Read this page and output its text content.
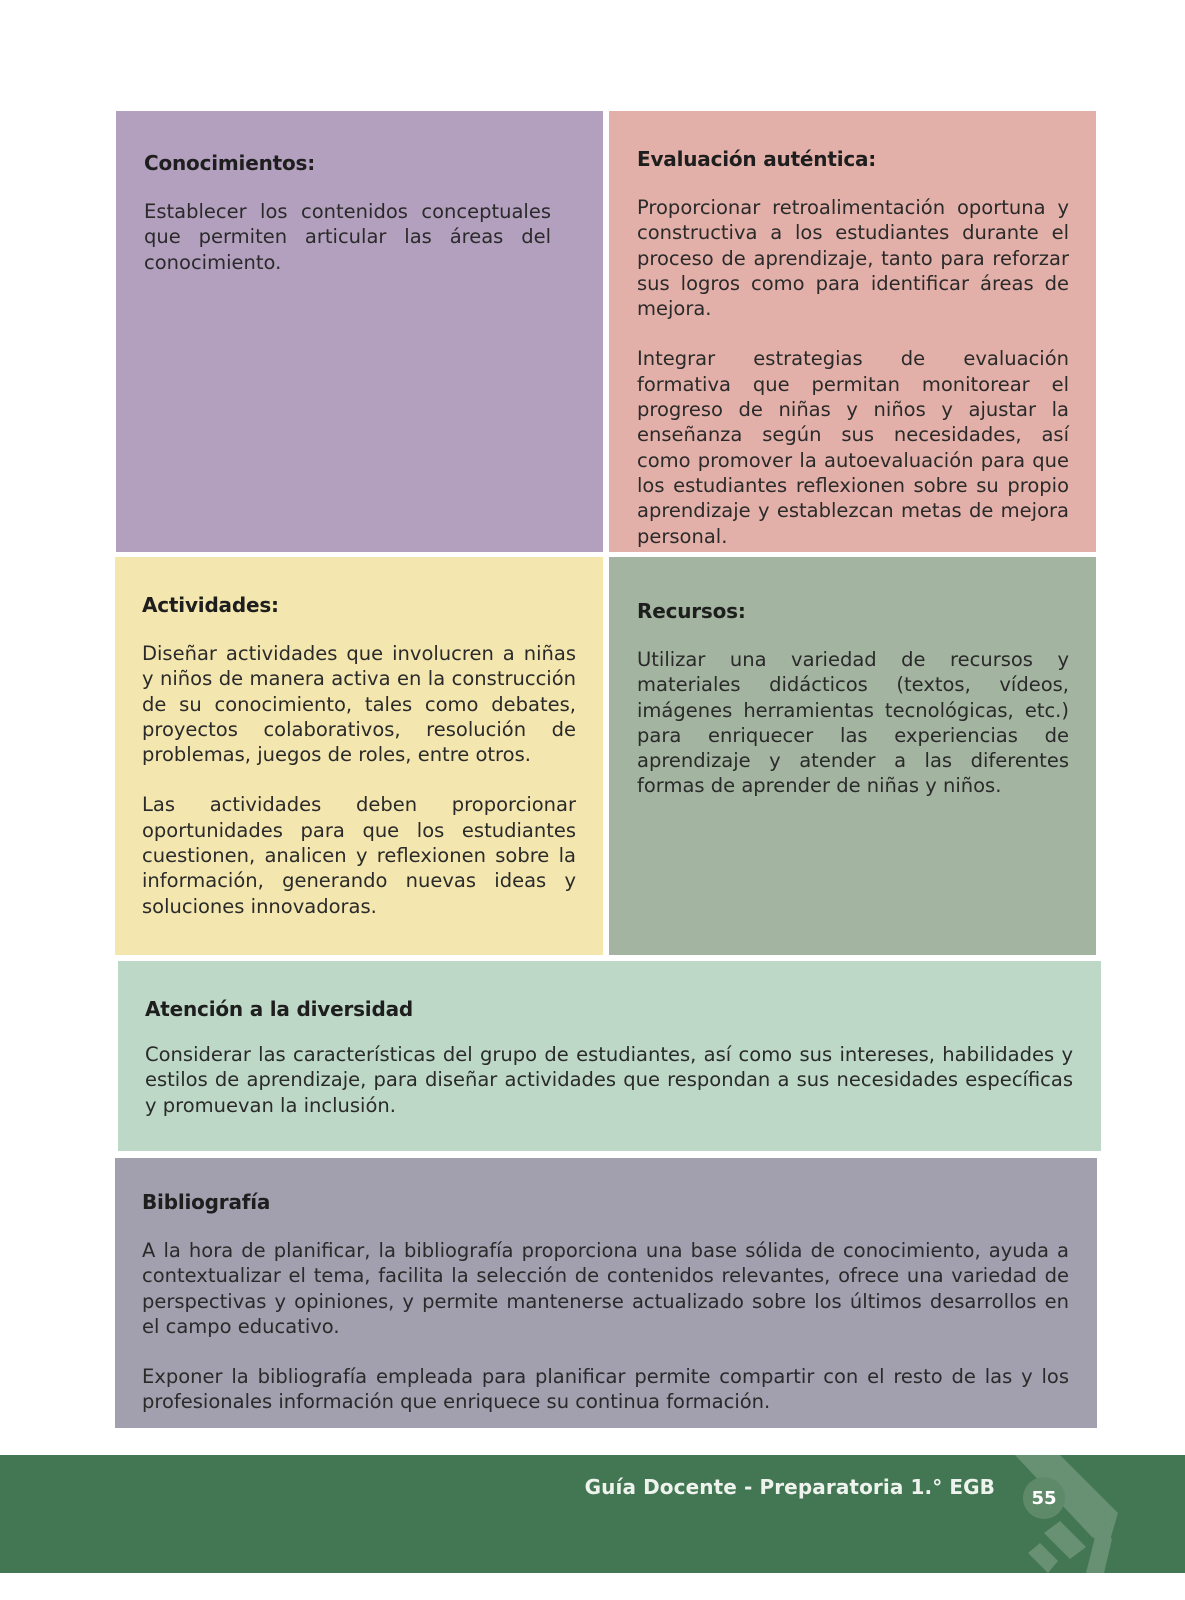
Conocimientos:

Establecer los contenidos conceptuales que permiten articular las áreas del conocimiento.

Evaluación auténtica:

Proporcionar retroalimentación oportuna y constructiva a los estudiantes durante el proceso de aprendizaje, tanto para reforzar sus logros como para identificar áreas de mejora.

Integrar estrategias de evaluación formativa que permitan monitorear el progreso de niñas y niños y ajustar la enseñanza según sus necesidades, así como promover la autoevaluación para que los estudiantes reflexionen sobre su propio aprendizaje y establezcan metas de mejora personal.

Actividades:

Diseñar actividades que involucren a niñas y niños de manera activa en la construcción de su conocimiento, tales como debates, proyectos colaborativos, resolución de problemas, juegos de roles, entre otros.

Las actividades deben proporcionar oportunidades para que los estudiantes cuestionen, analicen y reflexionen sobre la información, generando nuevas ideas y soluciones innovadoras.

Recursos:

Utilizar una variedad de recursos y materiales didácticos (textos, vídeos, imágenes herramientas tecnológicas, etc.) para enriquecer las experiencias de aprendizaje y atender a las diferentes formas de aprender de niñas y niños.

Atención a la diversidad

Considerar las características del grupo de estudiantes, así como sus intereses, habilidades y estilos de aprendizaje, para diseñar actividades que respondan a sus necesidades específicas y promuevan la inclusión.

Bibliografía

A la hora de planificar, la bibliografía proporciona una base sólida de conocimiento, ayuda a contextualizar el tema, facilita la selección de contenidos relevantes, ofrece una variedad de perspectivas y opiniones, y permite mantenerse actualizado sobre los últimos desarrollos en el campo educativo.

Exponer la bibliografía empleada para planificar permite compartir con el resto de las y los profesionales información que enriquece su continua formación.

Guía Docente - Preparatoria 1.° EGB	55
